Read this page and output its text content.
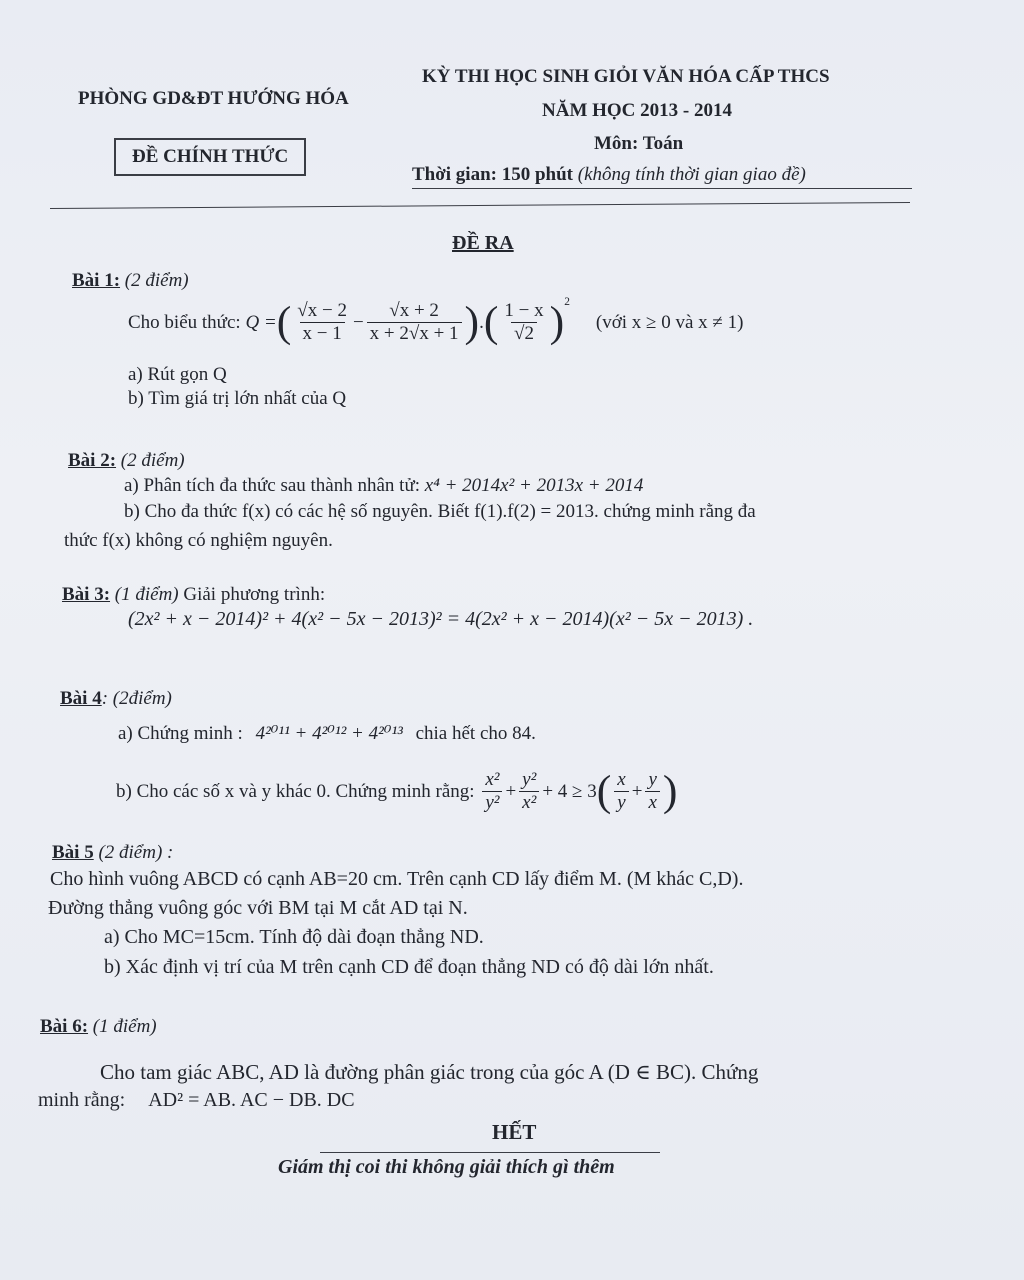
PHÒNG GD&ĐT HƯỚNG HÓA
ĐỀ CHÍNH THỨC
KỲ THI HỌC SINH GIỎI VĂN HÓA CẤP THCS
NĂM HỌC 2013 - 2014
Môn: Toán
Thời gian: 150 phút (không tính thời gian giao đề)
ĐỀ RA
Bài 1: (2 điểm)
Cho biểu thức:
Q = ( $\frac{√x - 2}{x - 1} - \frac{√x + 2}{x + 2√x + 1}$ ) . ( $\frac{1 - x}{√2} )^2$
(với x ≥ 0 và x ≠ 1)
a) Rút gọn Q
b) Tìm giá trị lớn nhất của Q
Bài 2: (2 điểm)
a) Phân tích đa thức sau thành nhân tử: x⁴ + 2014x² + 2013x + 2014
b) Cho đa thức f(x) có các hệ số nguyên. Biết f(1).f(2) = 2013. chứng minh rằng đa
thức f(x) không có nghiệm nguyên.
Bài 3: (1 điểm) Giải phương trình:
(2x² + x − 2014)² + 4(x² − 5x − 2013)² = 4(2x² + x − 2014)(x² − 5x − 2013) .
Bài 4: (2điểm)
a) Chứng minh : 4²⁰¹¹ + 4²⁰¹² + 4²⁰¹³ chia hết cho 84.
b) Cho các số x và y khác 0. Chứng minh rằng:
$\frac{\text{x²}}{\text{y²}} + \frac{\text{y²}}{\text{x²}} + 4 \ge 3$ ( $\frac{x}{y} + \frac{y}{x}$ )
Bài 5 (2 điểm) :
Cho hình vuông ABCD có cạnh AB=20 cm. Trên cạnh CD lấy điểm M. (M khác C,D).
Đường thẳng vuông góc với BM tại M cắt AD tại N.
a) Cho MC=15cm. Tính độ dài đoạn thẳng ND.
b) Xác định vị trí của M trên cạnh CD để đoạn thẳng ND có độ dài lớn nhất.
Bài 6: (1 điểm)
Cho tam giác ABC, AD là đường phân giác trong của góc A (D ∈ BC). Chứng
minh rằng: AD² = AB. AC − DB. DC
HẾT
Giám thị coi thi không giải thích gì thêm
